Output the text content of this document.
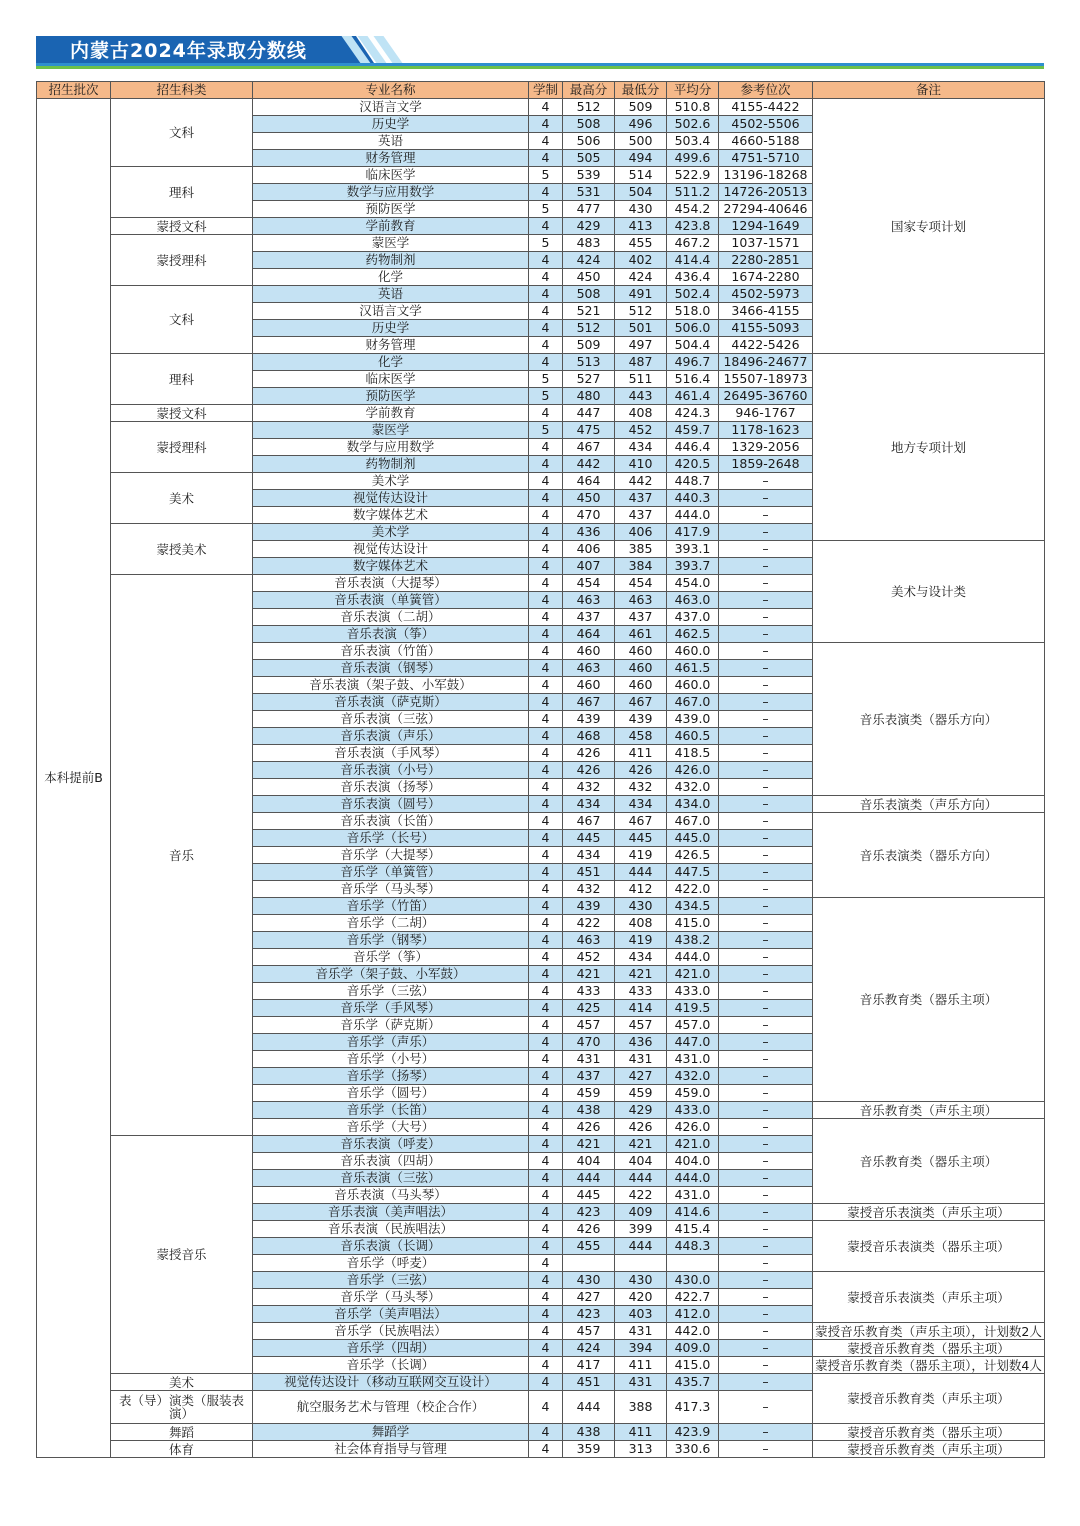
内蒙古2024年录取分数线
招生批次	招生科类	专业名称	学制	最高分	最低分	平均分	参考位次	备注
本科提前B	文科	汉语言文学	4	512	509	510.8	4155-4422	国家专项计划
		历史学	4	508	496	502.6	4502-5506	
		英语	4	506	500	503.4	4660-5188	
		财务管理	4	505	494	499.6	4751-5710	
	理科	临床医学	5	539	514	522.9	13196-18268	
		数学与应用数学	4	531	504	511.2	14726-20513	
		预防医学	5	477	430	454.2	27294-40646	
	蒙授文科	学前教育	4	429	413	423.8	1294-1649	
	蒙授理科	蒙医学	5	483	455	467.2	1037-1571	
		药物制剂	4	424	402	414.4	2280-2851	
		化学	4	450	424	436.4	1674-2280	
	文科	英语	4	508	491	502.4	4502-5973	
		汉语言文学	4	521	512	518.0	3466-4155	
		历史学	4	512	501	506.0	4155-5093	
		财务管理	4	509	497	504.4	4422-5426	
	理科	化学	4	513	487	496.7	18496-24677	地方专项计划
		临床医学	5	527	511	516.4	15507-18973	
		预防医学	5	480	443	461.4	26495-36760	
	蒙授文科	学前教育	4	447	408	424.3	946-1767	
	蒙授理科	蒙医学	5	475	452	459.7	1178-1623	
		数学与应用数学	4	467	434	446.4	1329-2056	
		药物制剂	4	442	410	420.5	1859-2648	
	美术	美术学	4	464	442	448.7	–	
		视觉传达设计	4	450	437	440.3	–	
		数字媒体艺术	4	470	437	444.0	–	
	蒙授美术	美术学	4	436	406	417.9	–	
		视觉传达设计	4	406	385	393.1	–	美术与设计类
		数字媒体艺术	4	407	384	393.7	–	
	音乐	音乐表演（大提琴）	4	454	454	454.0	–	
		音乐表演（单簧管）	4	463	463	463.0	–	
		音乐表演（二胡）	4	437	437	437.0	–	
		音乐表演（筝）	4	464	461	462.5	–	
		音乐表演（竹笛）	4	460	460	460.0	–	音乐表演类（器乐方向）
		音乐表演（钢琴）	4	463	460	461.5	–	
		音乐表演（架子鼓、小军鼓）	4	460	460	460.0	–	
		音乐表演（萨克斯）	4	467	467	467.0	–	
		音乐表演（三弦）	4	439	439	439.0	–	
		音乐表演（声乐）	4	468	458	460.5	–	
		音乐表演（手风琴）	4	426	411	418.5	–	
		音乐表演（小号）	4	426	426	426.0	–	
		音乐表演（扬琴）	4	432	432	432.0	–	
		音乐表演（圆号）	4	434	434	434.0	–	音乐表演类（声乐方向）
		音乐表演（长笛）	4	467	467	467.0	–	音乐表演类（器乐方向）
		音乐学（长号）	4	445	445	445.0	–	
		音乐学（大提琴）	4	434	419	426.5	–	
		音乐学（单簧管）	4	451	444	447.5	–	
		音乐学（马头琴）	4	432	412	422.0	–	
		音乐学（竹笛）	4	439	430	434.5	–	音乐教育类（器乐主项）
		音乐学（二胡）	4	422	408	415.0	–	
		音乐学（钢琴）	4	463	419	438.2	–	
		音乐学（筝）	4	452	434	444.0	–	
		音乐学（架子鼓、小军鼓）	4	421	421	421.0	–	
		音乐学（三弦）	4	433	433	433.0	–	
		音乐学（手风琴）	4	425	414	419.5	–	
		音乐学（萨克斯）	4	457	457	457.0	–	
		音乐学（声乐）	4	470	436	447.0	–	
		音乐学（小号）	4	431	431	431.0	–	
		音乐学（扬琴）	4	437	427	432.0	–	
		音乐学（圆号）	4	459	459	459.0	–	
		音乐学（长笛）	4	438	429	433.0	–	音乐教育类（声乐主项）
		音乐学（大号）	4	426	426	426.0	–	音乐教育类（器乐主项）
	蒙授音乐	音乐表演（呼麦）	4	421	421	421.0	–	
		音乐表演（四胡）	4	404	404	404.0	–	
		音乐表演（三弦）	4	444	444	444.0	–	
		音乐表演（马头琴）	4	445	422	431.0	–	
		音乐表演（美声唱法）	4	423	409	414.6	–	蒙授音乐表演类（声乐主项）
		音乐表演（民族唱法）	4	426	399	415.4	–	蒙授音乐表演类（器乐主项）
		音乐表演（长调）	4	455	444	448.3	–	
		音乐学（呼麦）	4				–	
		音乐学（三弦）	4	430	430	430.0	–	蒙授音乐表演类（声乐主项）
		音乐学（马头琴）	4	427	420	422.7	–	
		音乐学（美声唱法）	4	423	403	412.0	–	
		音乐学（民族唱法）	4	457	431	442.0	–	蒙授音乐教育类（声乐主项），计划数2人
		音乐学（四胡）	4	424	394	409.0	–	蒙授音乐教育类（器乐主项）
		音乐学（长调）	4	417	411	415.0	–	蒙授音乐教育类（器乐主项），计划数4人
	美术	视觉传达设计（移动互联网交互设计）	4	451	431	435.7	–	蒙授音乐教育类（声乐主项）
	表（导）演类（服装表演）	航空服务艺术与管理（校企合作）	4	444	388	417.3	–	
	舞蹈	舞蹈学	4	438	411	423.9	–	蒙授音乐教育类（器乐主项）
	体育	社会体育指导与管理	4	359	313	330.6	–	蒙授音乐教育类（声乐主项）
